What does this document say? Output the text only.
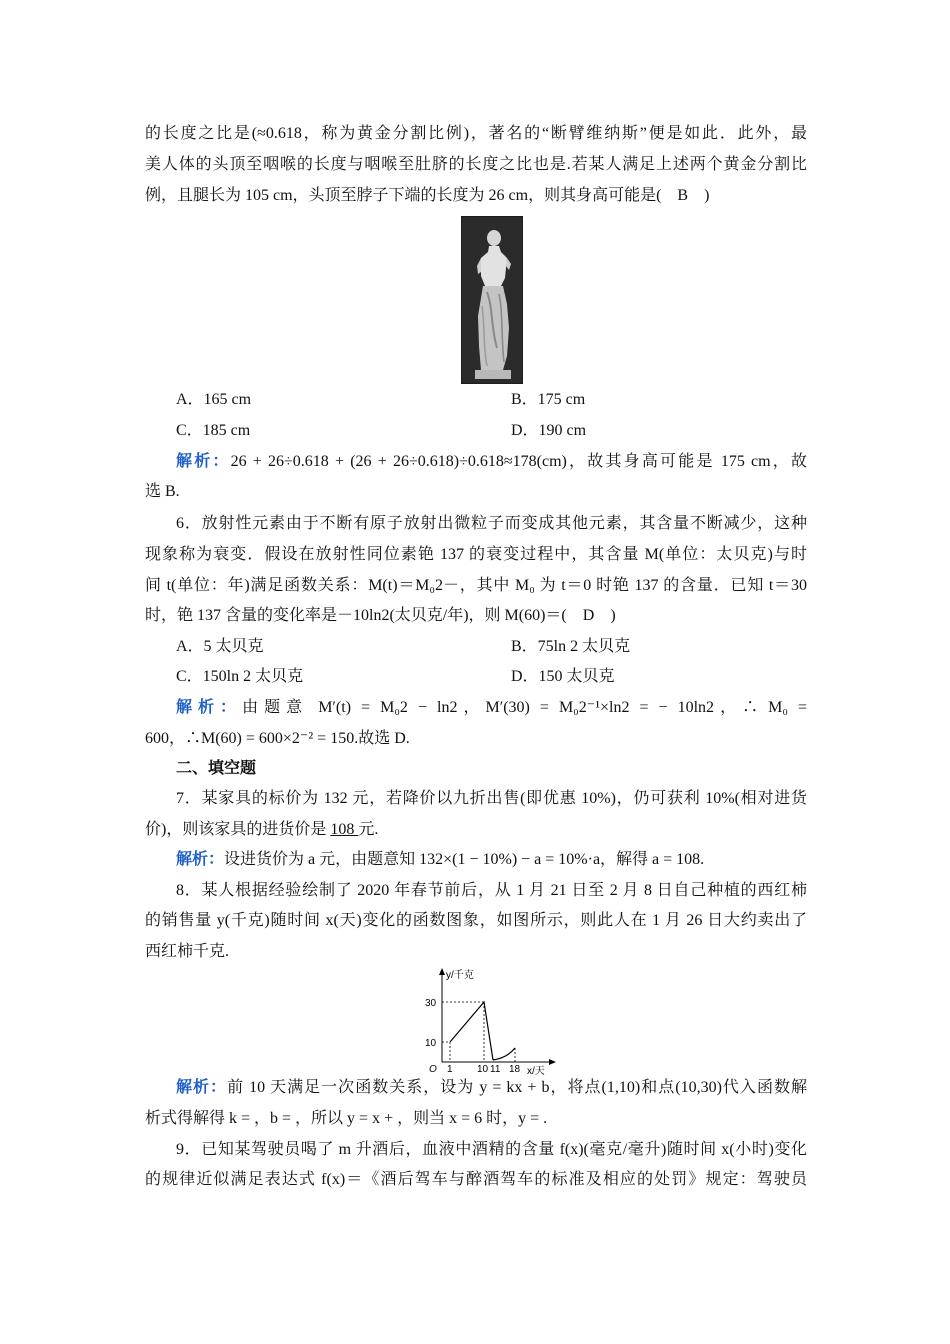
的长度之比是(≈0.618，称为黄金分割比例)，著名的“断臂维纳斯”便是如此．此外，最
美人体的头顶至咽喉的长度与咽喉至肚脐的长度之比也是.若某人满足上述两个黄金分割比
例，且腿长为 105 cm，头顶至脖子下端的长度为 26 cm，则其身高可能是(　B　)
A．165 cm	B．175 cm
C．185 cm	D．190 cm
解析：26 + 26÷0.618 + (26 + 26÷0.618)÷0.618≈178(cm)，故其身高可能是 175 cm，故
选 B.
6．放射性元素由于不断有原子放射出微粒子而变成其他元素，其含量不断减少，这种
现象称为衰变．假设在放射性同位素铯 137 的衰变过程中，其含量 M(单位：太贝克)与时
间 t(单位：年)满足函数关系：M(t)＝M₀2－，其中 M₀ 为 t＝0 时铯 137 的含量．已知 t＝30
时，铯 137 含量的变化率是－10ln2(太贝克/年)，则 M(60)＝(　D　)
A．5 太贝克	B．75ln 2 太贝克
C．150ln 2 太贝克	D．150 太贝克
解析：由题意 M′(t) = M₀2 − ln2，M′(30) = M₀2⁻¹×ln2 = − 10ln2，∴ M₀ =
600，∴M(60) = 600×2⁻² = 150.故选 D.
二、填空题
7．某家具的标价为 132 元，若降价以九折出售(即优惠 10%)，仍可获利 10%(相对进货
价)，则该家具的进货价是 108 元.
解析：设进货价为 a 元，由题意知 132×(1 − 10%) − a = 10%·a，解得 a = 108.
8．某人根据经验绘制了 2020 年春节前后，从 1 月 21 日至 2 月 8 日自己种植的西红柿
的销售量 y(千克)随时间 x(天)变化的函数图象，如图所示，则此人在 1 月 26 日大约卖出了
西红柿千克.
y/千克
x/天
O
30
10
1 10 11 18
解析：前 10 天满足一次函数关系，设为 y = kx + b，将点(1,10)和点(10,30)代入函数解
析式得解得 k = ，b = ，所以 y = x + ，则当 x = 6 时，y = .
9．已知某驾驶员喝了 m 升酒后，血液中酒精的含量 f(x)(毫克/毫升)随时间 x(小时)变化
的规律近似满足表达式 f(x)＝《酒后驾车与醉酒驾车的标准及相应的处罚》规定：驾驶员
